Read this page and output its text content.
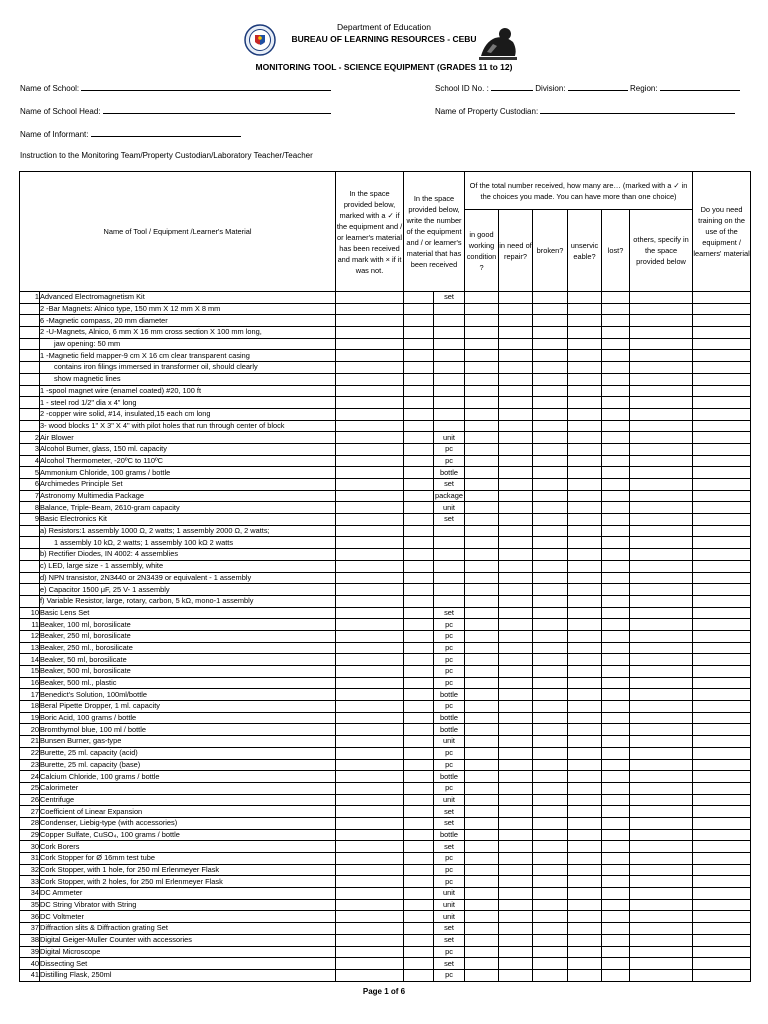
Department of Education
BUREAU OF LEARNING RESOURCES - CEBU
MONITORING TOOL - SCIENCE EQUIPMENT (GRADES 11 to 12)
Name of School:	School ID No. :	Division:	Region:
Name of School Head:	Name of Property Custodian:
Name of Informant:
Instruction to the Monitoring Team/Property Custodian/Laboratory Teacher/Teacher
Name of Tool / Equipment /Learner's Material		In the space provided below, marked with a ✓ if the equipment and / or learner's material has been received and mark with × if it was not.	In the space provided below, write the number of the equipment and / or learner's material that has been received		Of the total number received, how many are… (marked with a ✓ in the choices you made. You can have more than one choice)						Do you need training on the use of the equipment / learners' material
					in good working condition ?	in need of repair?	broken?	unservic eable?	lost?	others, specify in the space provided below	
1	Advanced Electromagnetism Kit			set							
	2 -Bar Magnets: Alnico type, 150 mm X 12 mm X 8 mm										
	6 -Magnetic compass, 20 mm diameter										
	2 -U-Magnets, Alnico, 6 mm X 16 mm cross section X 100 mm long,										
	jaw opening: 50 mm										
	1 -Magnetic field mapper-9 cm X 16 cm clear transparent casing										
	contains iron filings immersed in transformer oil, should clearly										
	show magnetic lines										
	1 -spool magnet wire (enamel coated) #20, 100 ft										
	1 - steel rod 1/2" dia x 4" long										
	2 -copper wire solid, #14, insulated,15 each cm long										
	3- wood blocks 1" X 3" X 4" with pilot holes that run through center of block										
2	Air Blower			unit							
3	Alcohol Burner, glass, 150 ml. capacity			pc							
4	Alcohol Thermometer, -20ºC to 110ºC			pc							
5	Ammonium Chloride, 100 grams / bottle			bottle							
6	Archimedes Principle Set			set							
7	Astronomy Multimedia Package			package							
8	Balance, Triple-Beam, 2610-gram capacity			unit							
9	Basic Electronics Kit			set							
	a) Resistors:1 assembly 1000 Ω, 2 watts; 1 assembly 2000 Ω, 2 watts;										
	1 assembly 10 kΩ, 2 watts; 1 assembly 100 kΩ 2 watts										
	b) Rectifier Diodes, IN 4002: 4 assemblies										
	c) LED, large size - 1 assembly, white										
	d) NPN transistor, 2N3440 or 2N3439 or equivalent - 1 assembly										
	e) Capacitor 1500 μF, 25 V- 1 assembly										
	f) Variable Resistor, large, rotary, carbon, 5 kΩ, mono-1 assembly										
10	Basic Lens Set			set							
11	Beaker, 100 ml, borosilicate			pc							
12	Beaker, 250 ml, borosilicate			pc							
13	Beaker, 250 ml., borosilicate			pc							
14	Beaker, 50 ml, borosilicate			pc							
15	Beaker, 500 ml, borosilicate			pc							
16	Beaker, 500 ml., plastic			pc							
17	Benedict's Solution, 100ml/bottle			bottle							
18	Beral Pipette Dropper, 1 ml. capacity			pc							
19	Boric Acid, 100 grams / bottle			bottle							
20	Bromthymol blue, 100 ml / bottle			bottle							
21	Bunsen Burner, gas-type			unit							
22	Burette, 25 ml. capacity (acid)			pc							
23	Burette, 25 ml. capacity (base)			pc							
24	Calcium Chloride, 100 grams / bottle			bottle							
25	Calorimeter			pc							
26	Centrifuge			unit							
27	Coefficient of Linear Expansion			set							
28	Condenser, Liebig-type (with accessories)			set							
29	Copper Sulfate, CuSO₄, 100 grams / bottle			bottle							
30	Cork Borers			set							
31	Cork Stopper for Ø 16mm test tube			pc							
32	Cork Stopper, with 1 hole, for 250 ml Erlenmeyer Flask			pc							
33	Cork Stopper, with 2 holes, for 250 ml Erlenmeyer Flask			pc							
34	DC Ammeter			unit							
35	DC String Vibrator with String			unit							
36	DC Voltmeter			unit							
37	Diffraction slits & Diffraction grating Set			set							
38	Digital Geiger-Muller Counter with accessories			set							
39	Digital Microscope			pc							
40	Dissecting Set			set							
41	Distilling Flask, 250ml			pc							
Page 1 of 6
